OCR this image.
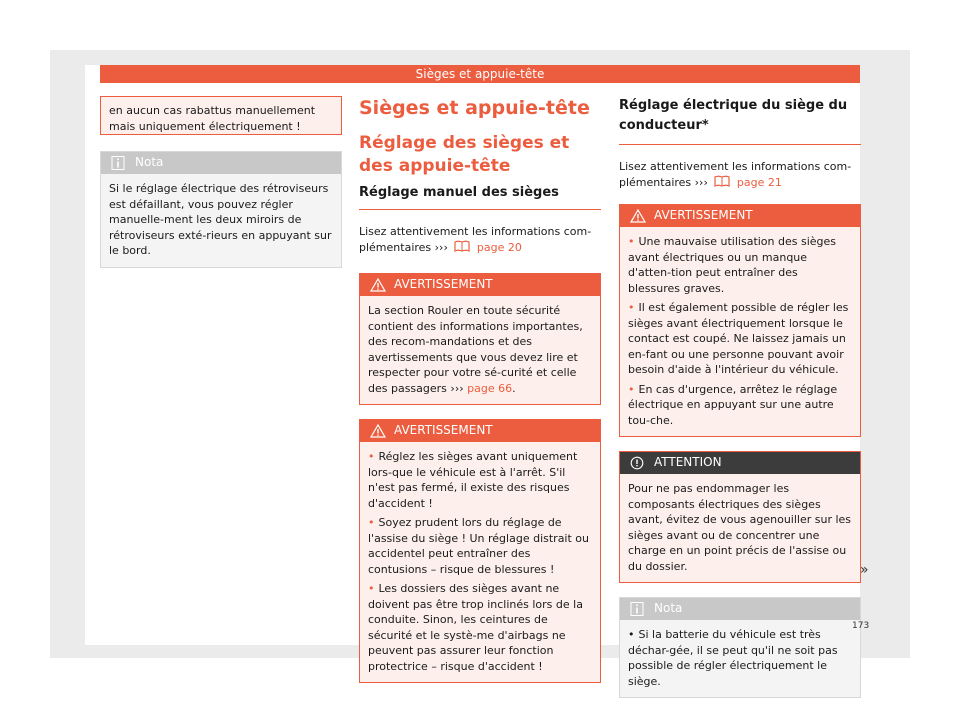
Sièges et appuie-tête
en aucun cas rabattus manuellement mais uniquement électriquement !
Nota
Si le réglage électrique des rétroviseurs est défaillant, vous pouvez régler manuelle-ment les deux miroirs de rétroviseurs exté-rieurs en appuyant sur le bord.
Sièges et appuie-tête
Réglage des sièges et des appuie-tête
Réglage manuel des sièges
Lisez attentivement les informations com-plémentaires ›››	page 20
AVERTISSEMENT
La section Rouler en toute sécurité contient des informations importantes, des recom-mandations et des avertissements que vous devez lire et respecter pour votre sé-curité et celle des passagers ››› page 66.
AVERTISSEMENT
• Réglez les sièges avant uniquement lors-que le véhicule est à l'arrêt. S'il n'est pas fermé, il existe des risques d'accident !
• Soyez prudent lors du réglage de l'assise du siège ! Un réglage distrait ou accidentel peut entraîner des contusions – risque de blessures !
• Les dossiers des sièges avant ne doivent pas être trop inclinés lors de la conduite. Sinon, les ceintures de sécurité et le systè-me d'airbags ne peuvent pas assurer leur fonction protectrice – risque d'accident !
Réglage électrique du siège du conducteur*
Lisez attentivement les informations com-plémentaires ›››	page 21
AVERTISSEMENT
• Une mauvaise utilisation des sièges avant électriques ou un manque d'atten-tion peut entraîner des blessures graves.
• Il est également possible de régler les sièges avant électriquement lorsque le contact est coupé. Ne laissez jamais un en-fant ou une personne pouvant avoir besoin d'aide à l'intérieur du véhicule.
• En cas d'urgence, arrêtez le réglage électrique en appuyant sur une autre tou-che.
ATTENTION
Pour ne pas endommager les composants électriques des sièges avant, évitez de vous agenouiller sur les sièges avant ou de concentrer une charge en un point précis de l'assise ou du dossier.
Nota
• Si la batterie du véhicule est très déchar-gée, il se peut qu'il ne soit pas possible de régler électriquement le siège.
»
173
